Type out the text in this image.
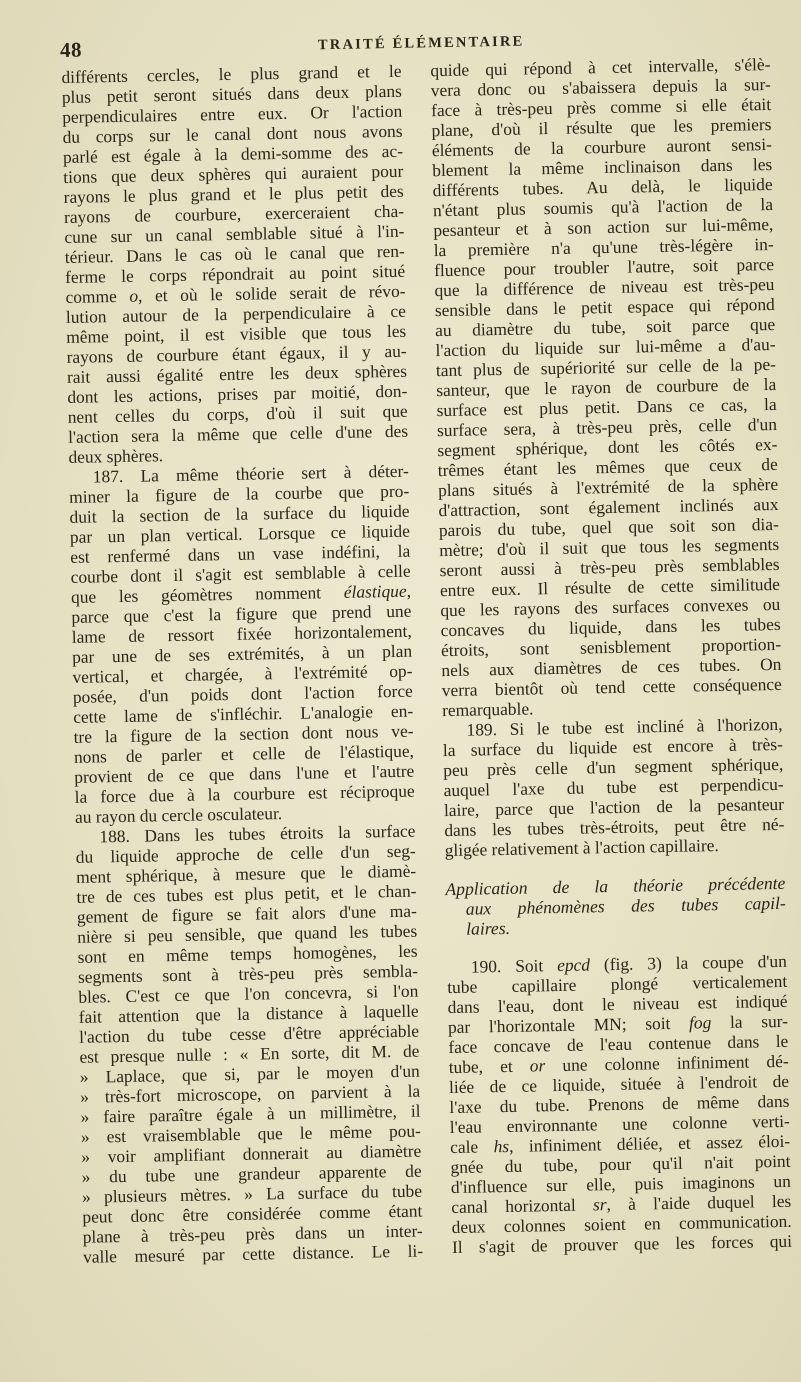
48	TRAITÉ ÉLÉMENTAIRE
différents cercles, le plus grand et le
plus petit seront situés dans deux plans
perpendiculaires entre eux. Or l'action
du corps sur le canal dont nous avons
parlé est égale à la demi-somme des ac-
tions que deux sphères qui auraient pour
rayons le plus grand et le plus petit des
rayons de courbure, exerceraient cha-
cune sur un canal semblable situé à l'in-
térieur. Dans le cas où le canal que ren-
ferme le corps répondrait au point situé
comme o, et où le solide serait de révo-
lution autour de la perpendiculaire à ce
même point, il est visible que tous les
rayons de courbure étant égaux, il y au-
rait aussi égalité entre les deux sphères
dont les actions, prises par moitié, don-
nent celles du corps, d'où il suit que
l'action sera la même que celle d'une des
deux sphères.
187. La même théorie sert à déter-
miner la figure de la courbe que pro-
duit la section de la surface du liquide
par un plan vertical. Lorsque ce liquide
est renfermé dans un vase indéfini, la
courbe dont il s'agit est semblable à celle
que les géomètres nomment élastique,
parce que c'est la figure que prend une
lame de ressort fixée horizontalement,
par une de ses extrémités, à un plan
vertical, et chargée, à l'extrémité op-
posée, d'un poids dont l'action force
cette lame de s'infléchir. L'analogie en-
tre la figure de la section dont nous ve-
nons de parler et celle de l'élastique,
provient de ce que dans l'une et l'autre
la force due à la courbure est réciproque
au rayon du cercle osculateur.
188. Dans les tubes étroits la surface
du liquide approche de celle d'un seg-
ment sphérique, à mesure que le diamè-
tre de ces tubes est plus petit, et le chan-
gement de figure se fait alors d'une ma-
nière si peu sensible, que quand les tubes
sont en même temps homogènes, les
segments sont à très-peu près sembla-
bles. C'est ce que l'on concevra, si l'on
fait attention que la distance à laquelle
l'action du tube cesse d'être appréciable
est presque nulle : « En sorte, dit M. de
» Laplace, que si, par le moyen d'un
» très-fort microscope, on parvient à la
» faire paraître égale à un millimètre, il
» est vraisemblable que le même pou-
» voir amplifiant donnerait au diamètre
» du tube une grandeur apparente de
» plusieurs mètres. » La surface du tube
peut donc être considérée comme étant
plane à très-peu près dans un inter-
valle mesuré par cette distance. Le li-
quide qui répond à cet intervalle, s'élè-
vera donc ou s'abaissera depuis la sur-
face à très-peu près comme si elle était
plane, d'où il résulte que les premiers
éléments de la courbure auront sensi-
blement la même inclinaison dans les
différents tubes. Au delà, le liquide
n'étant plus soumis qu'à l'action de la
pesanteur et à son action sur lui-même,
la première n'a qu'une très-légère in-
fluence pour troubler l'autre, soit parce
que la différence de niveau est très-peu
sensible dans le petit espace qui répond
au diamètre du tube, soit parce que
l'action du liquide sur lui-même a d'au-
tant plus de supériorité sur celle de la pe-
santeur, que le rayon de courbure de la
surface est plus petit. Dans ce cas, la
surface sera, à très-peu près, celle d'un
segment sphérique, dont les côtés ex-
trêmes étant les mêmes que ceux de
plans situés à l'extrémité de la sphère
d'attraction, sont également inclinés aux
parois du tube, quel que soit son dia-
mètre; d'où il suit que tous les segments
seront aussi à très-peu près semblables
entre eux. Il résulte de cette similitude
que les rayons des surfaces convexes ou
concaves du liquide, dans les tubes
étroits, sont senisblement proportion-
nels aux diamètres de ces tubes. On
verra bientôt où tend cette conséquence
remarquable.
189. Si le tube est incliné à l'horizon,
la surface du liquide est encore à très-
peu près celle d'un segment sphérique,
auquel l'axe du tube est perpendicu-
laire, parce que l'action de la pesanteur
dans les tubes très-étroits, peut être né-
gligée relativement à l'action capillaire.
Application de la théorie précédente
aux phénomènes des tubes capil-
laires.
190. Soit epcd (fig. 3) la coupe d'un
tube capillaire plongé verticalement
dans l'eau, dont le niveau est indiqué
par l'horizontale MN; soit fog la sur-
face concave de l'eau contenue dans le
tube, et or une colonne infiniment dé-
liée de ce liquide, située à l'endroit de
l'axe du tube. Prenons de même dans
l'eau environnante une colonne verti-
cale hs, infiniment déliée, et assez éloi-
gnée du tube, pour qu'il n'ait point
d'influence sur elle, puis imaginons un
canal horizontal sr, à l'aide duquel les
deux colonnes soient en communication.
Il s'agit de prouver que les forces qui
